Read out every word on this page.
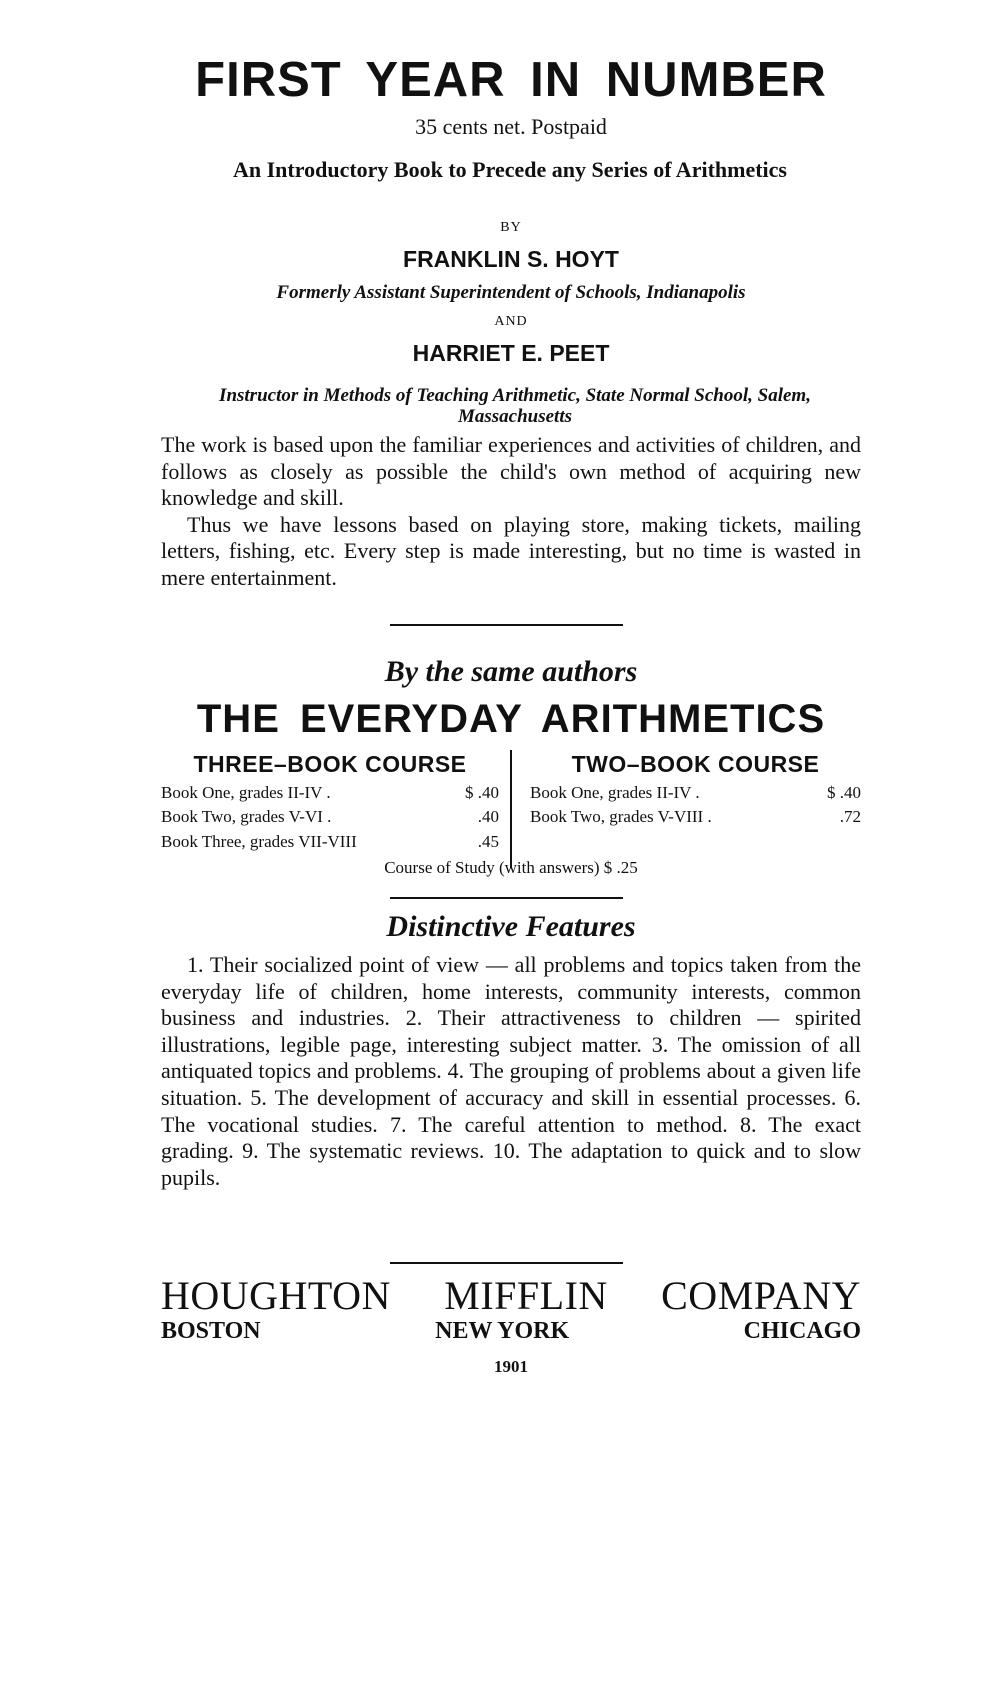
FIRST YEAR IN NUMBER
35 cents net. Postpaid
An Introductory Book to Precede any Series of Arithmetics
BY
FRANKLIN S. HOYT
Formerly Assistant Superintendent of Schools, Indianapolis
AND
HARRIET E. PEET
Instructor in Methods of Teaching Arithmetic, State Normal School, Salem, Massachusetts

The work is based upon the familiar experiences and activities of children, and follows as closely as possible the child's own method of acquiring new knowledge and skill.

Thus we have lessons based on playing store, making tickets, mailing letters, fishing, etc. Every step is made interesting, but no time is wasted in mere entertainment.

By the same authors
THE EVERYDAY ARITHMETICS
THREE–BOOK COURSE
Book One, grades II-IV .	$ .40
Book Two, grades V-VI .	.40
Book Three, grades VII-VIII	.45
TWO–BOOK COURSE
Book One, grades II-IV .	$ .40
Book Two, grades V-VIII .	.72
Course of Study (with answers) $ .25
Distinctive Features

1. Their socialized point of view — all problems and topics taken from the everyday life of children, home interests, community interests, common business and industries. 2. Their attractiveness to children — spirited illustrations, legible page, interesting subject matter. 3. The omission of all antiquated topics and problems. 4. The grouping of problems about a given life situation. 5. The development of accuracy and skill in essential processes. 6. The vocational studies. 7. The careful attention to method. 8. The exact grading. 9. The systematic reviews. 10. The adaptation to quick and to slow pupils.

HOUGHTON MIFFLIN COMPANY
BOSTON	NEW YORK	CHICAGO
1901
